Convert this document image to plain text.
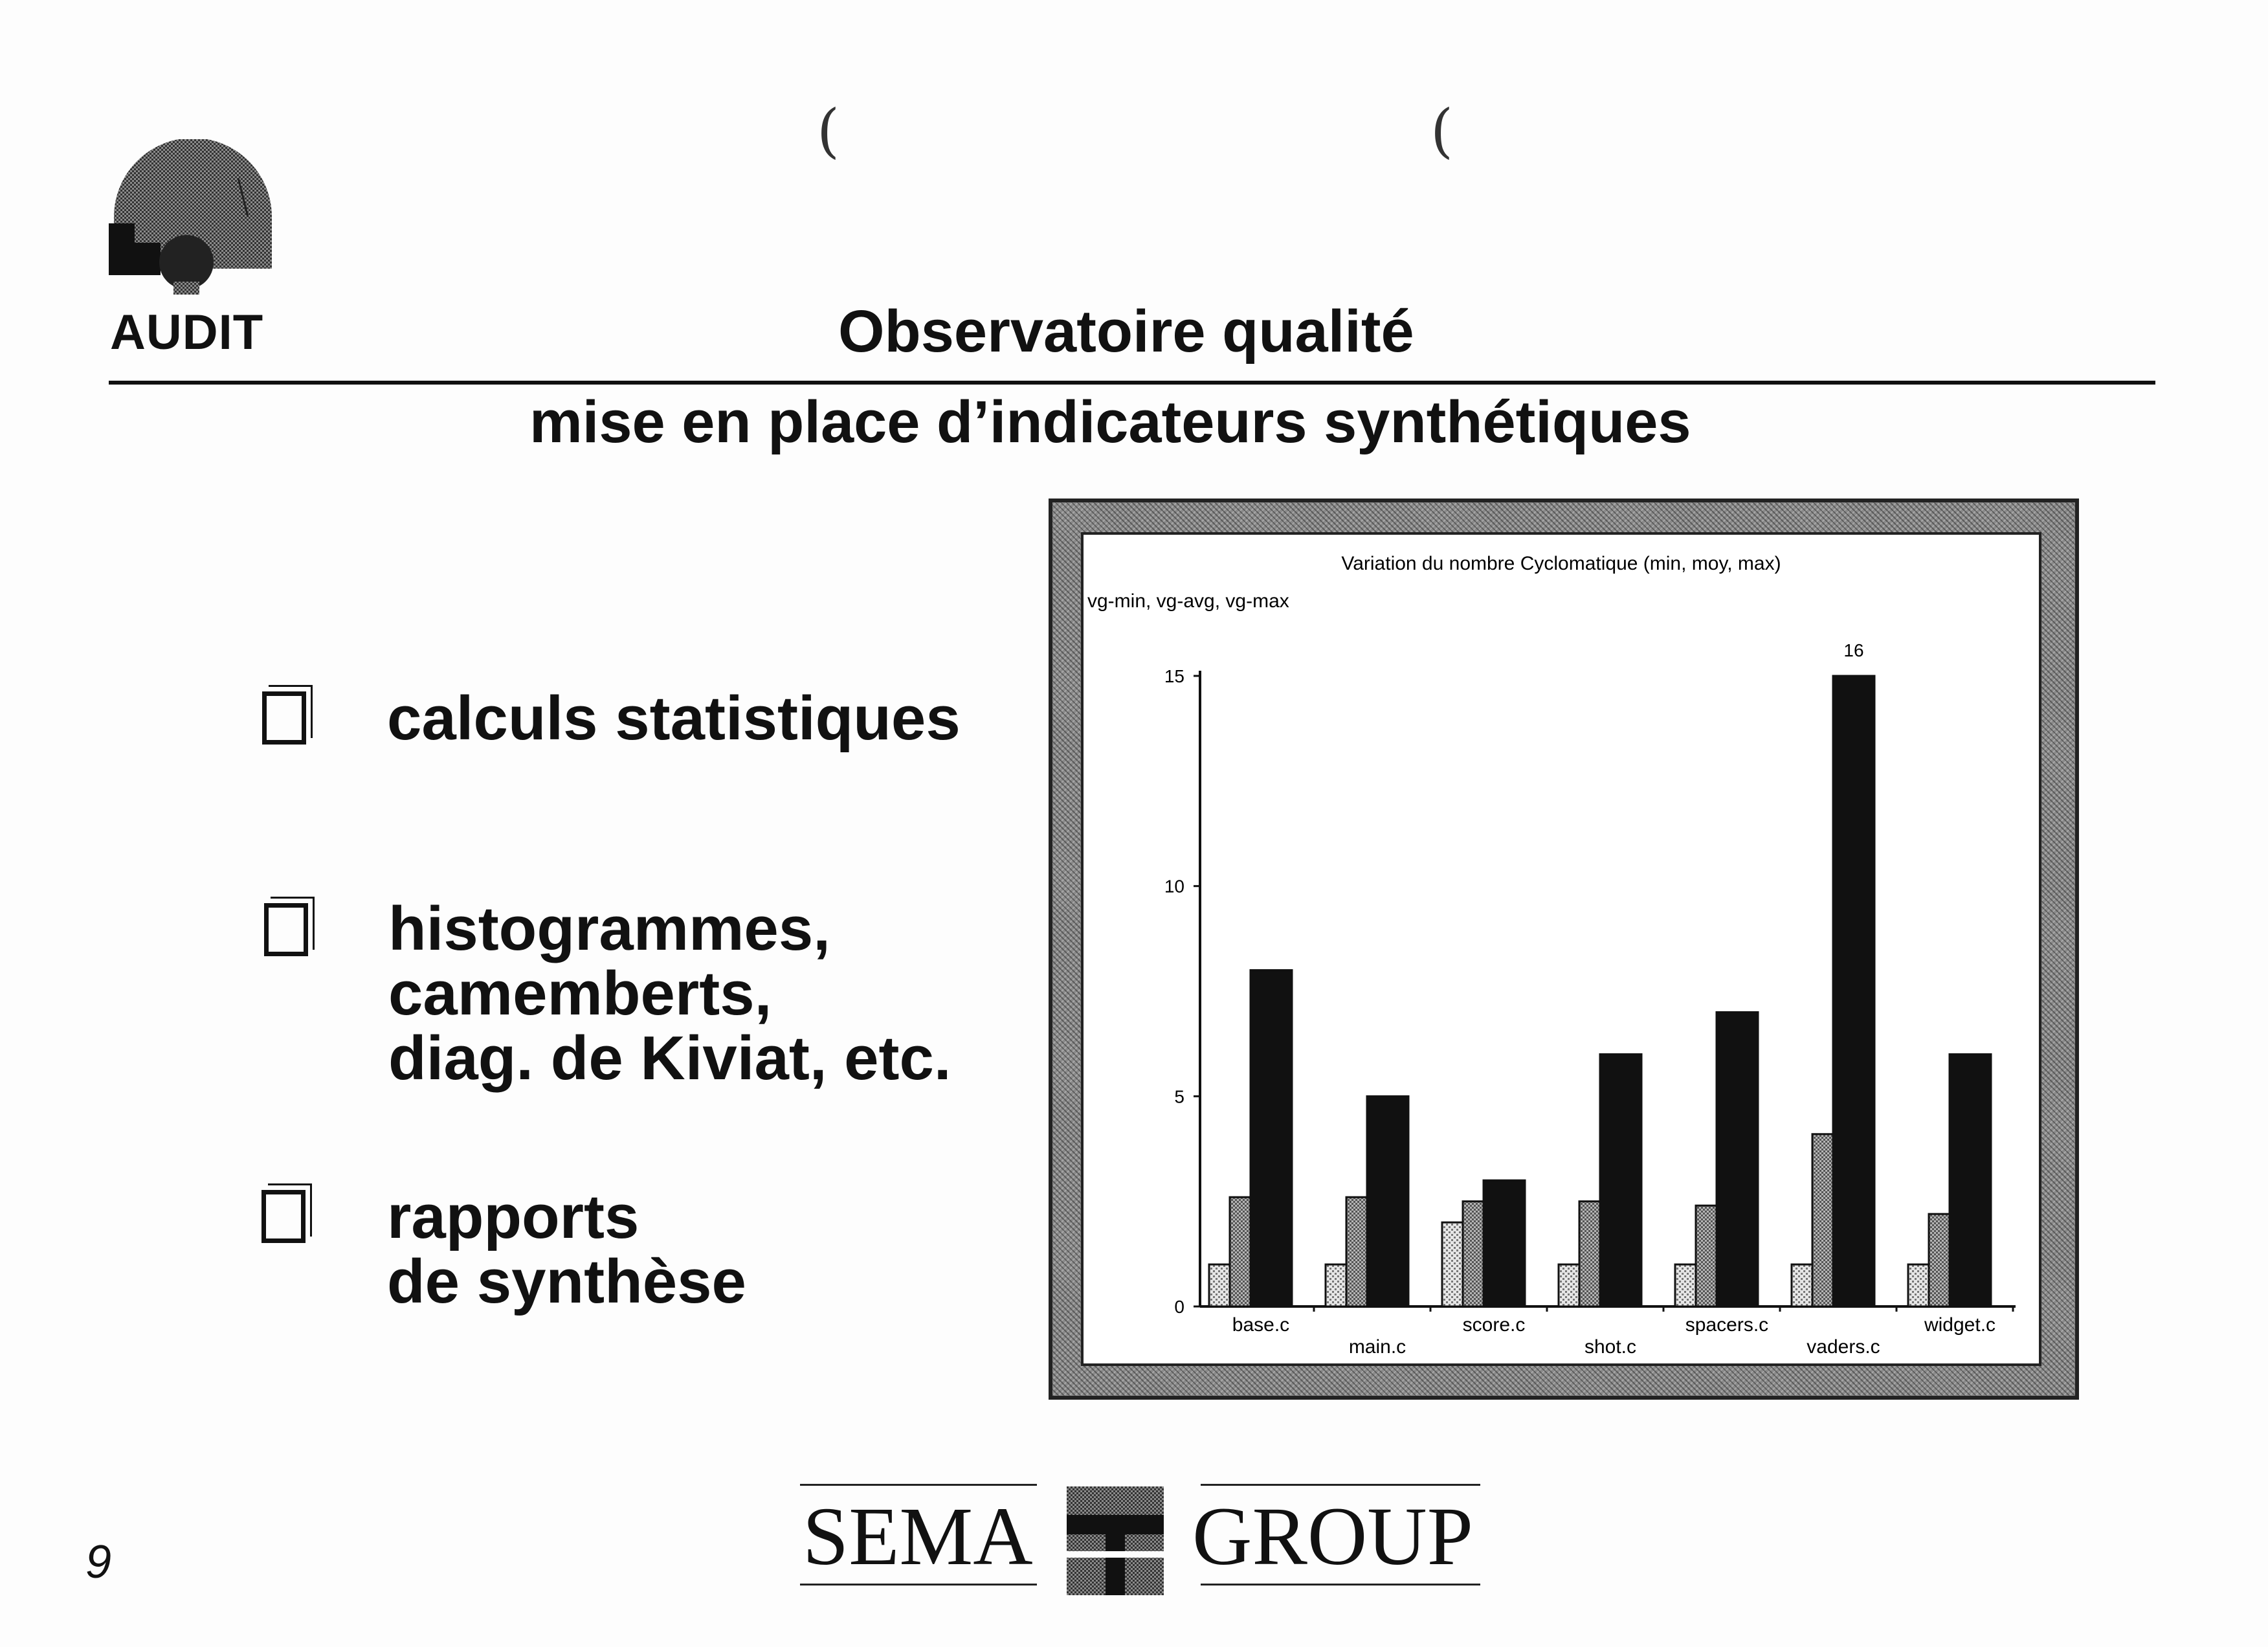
(	(
AUDIT	Observatoire qualité
mise en place d’indicateurs synthétiques
calculs statistiques
histogrammes,
camemberts,
diag. de Kiviat, etc.
rapports
de synthèse
Variation du nombre Cyclomatique (min, moy, max)
vg-min, vg-avg, vg-max
0
5
10
15
base.c
main.c
score.c
shot.c
spacers.c
vaders.c
widget.c
16
9	SEMA GROUP
